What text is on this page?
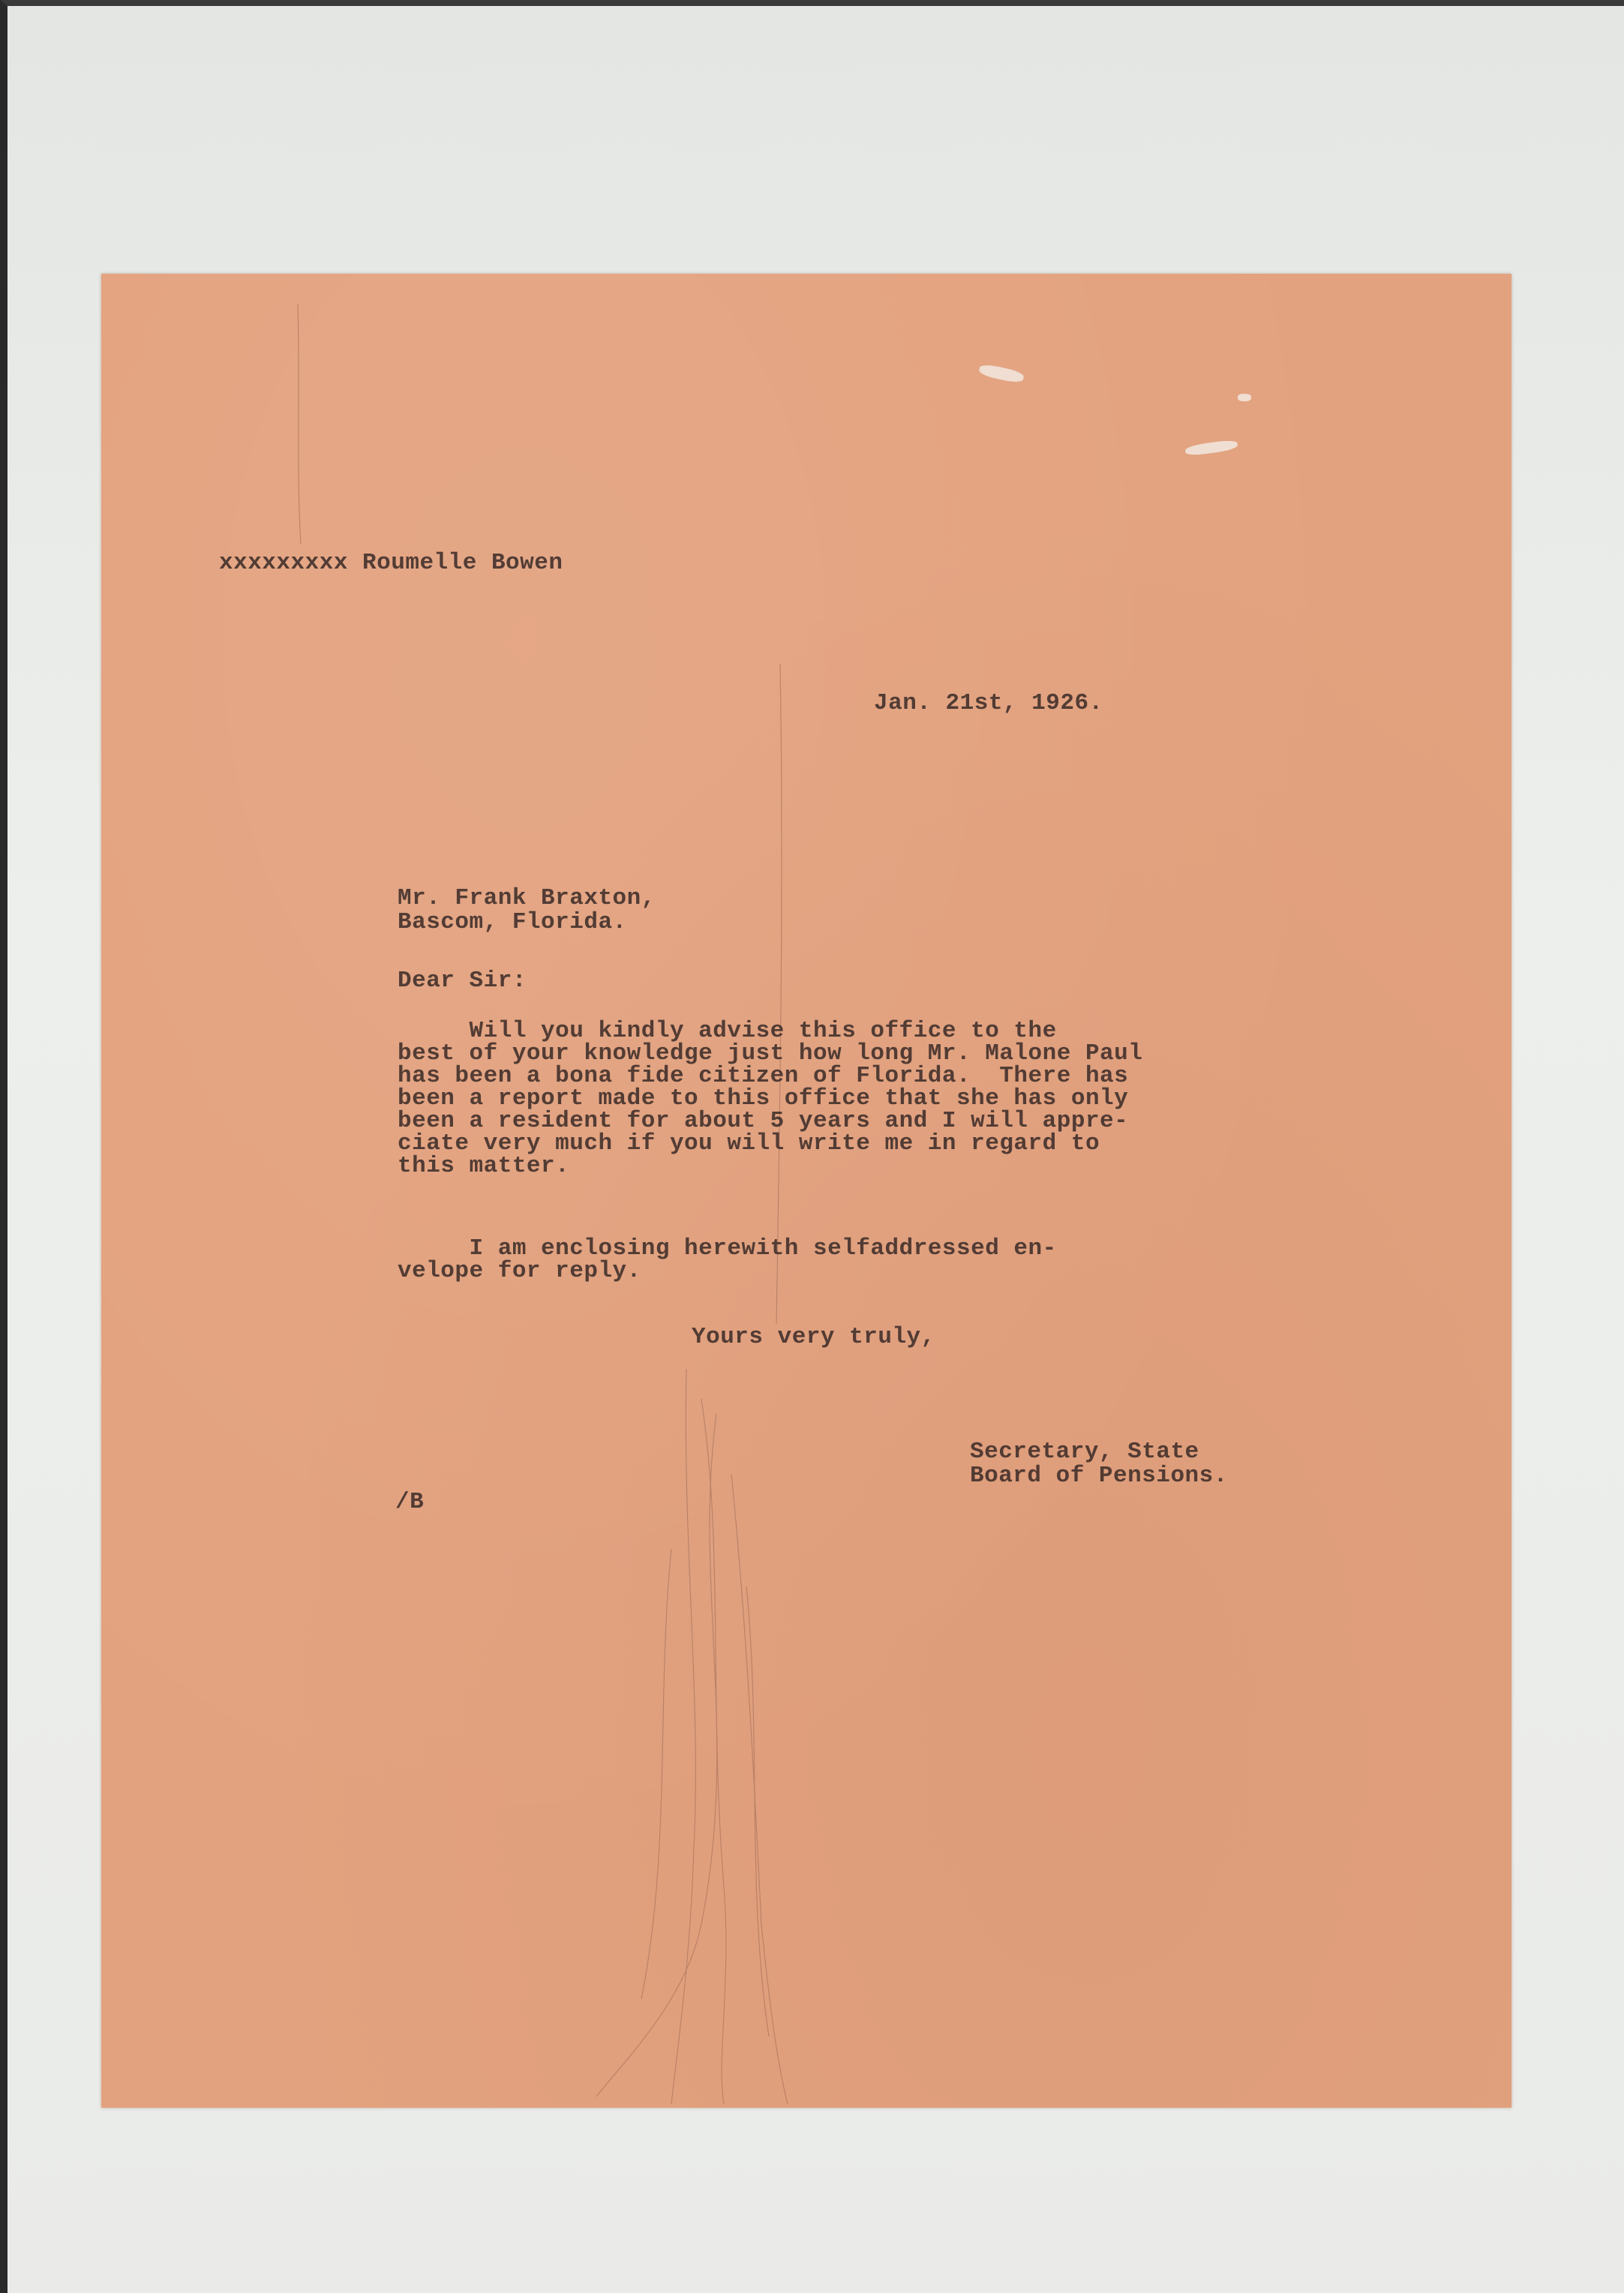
xxxxxxxxx Roumelle Bowen
Jan. 21st, 1926.
Mr. Frank Braxton,
Bascom, Florida.
Dear Sir:
Will you kindly advise this office to the
best of your knowledge just how long Mr. Malone Paul
has been a bona fide citizen of Florida.  There has
been a report made to this office that she has only
been a resident for about 5 years and I will appre-
ciate very much if you will write me in regard to
this matter.
I am enclosing herewith selfaddressed en-
velope for reply.
Yours very truly,
Secretary, State
Board of Pensions.
/B
